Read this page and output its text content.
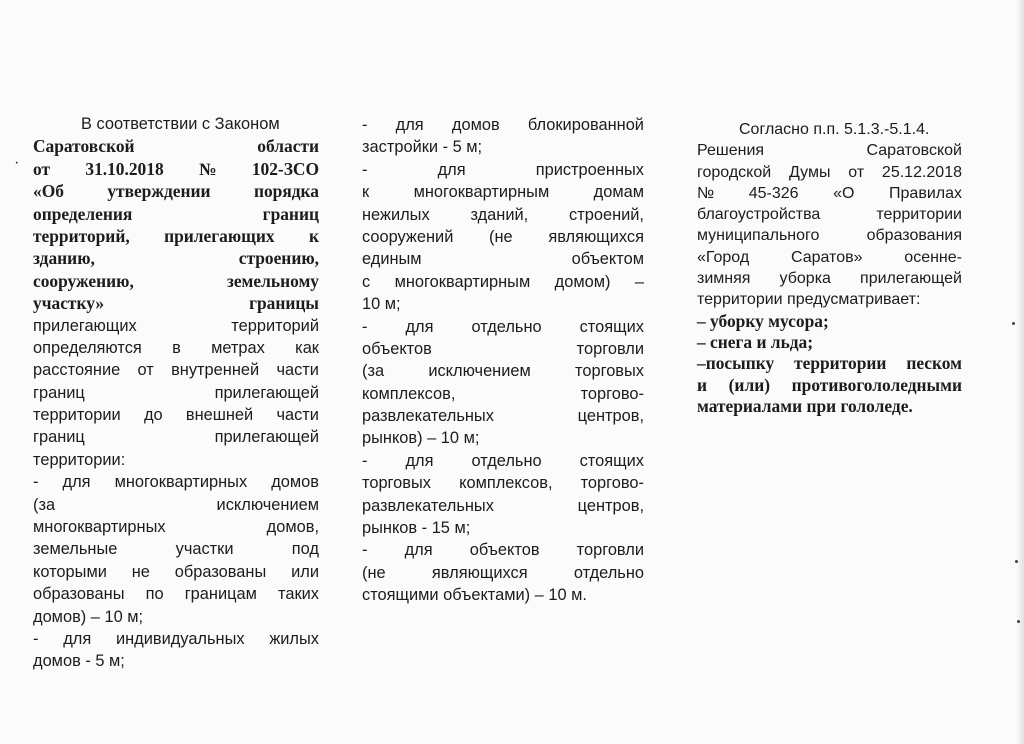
·
В соответствии с Законом
Саратовской	области
от 31.10.2018 № 102-ЗСО
«Об утверждении порядка
определения	границ
территорий, прилегающих к
зданию,	строению,
сооружению,	земельному
участку»	границы
прилегающих	территорий
определяются в метрах как
расстояние от внутренней части
границ	прилегающей
территории до внешней части
границ	прилегающей
территории:
- для многоквартирных домов
(за	исключением
многоквартирных	домов,
земельные	участки	под
которыми не образованы или
образованы по границам таких
домов) – 10 м;
- для индивидуальных жилых
домов - 5 м;
- для домов блокированной
застройки - 5 м;
-	для	пристроенных
к	многоквартирным	домам
нежилых зданий, строений,
сооружений (не являющихся
единым	объектом
с многоквартирным домом) –
10 м;
- для отдельно стоящих
объектов	торговли
(за	исключением	торговых
комплексов,	торгово-
развлекательных	центров,
рынков) – 10 м;
- для отдельно стоящих
торговых комплексов, торгово-
развлекательных	центров,
рынков - 15 м;
- для объектов торговли
(не	являющихся	отдельно
стоящими объектами) – 10 м.
Согласно п.п. 5.1.3.-5.1.4.
Решения	Саратовской
городской Думы от 25.12.2018
№ 45-326 «О Правилах
благоустройства	территории
муниципального	образования
«Город	Саратов»	осенне-
зимняя уборка прилегающей
территории предусматривает:
– уборку мусора;
– снега и льда;
–посыпку территории песком
и (или) противогололедными
материалами при гололеде.
